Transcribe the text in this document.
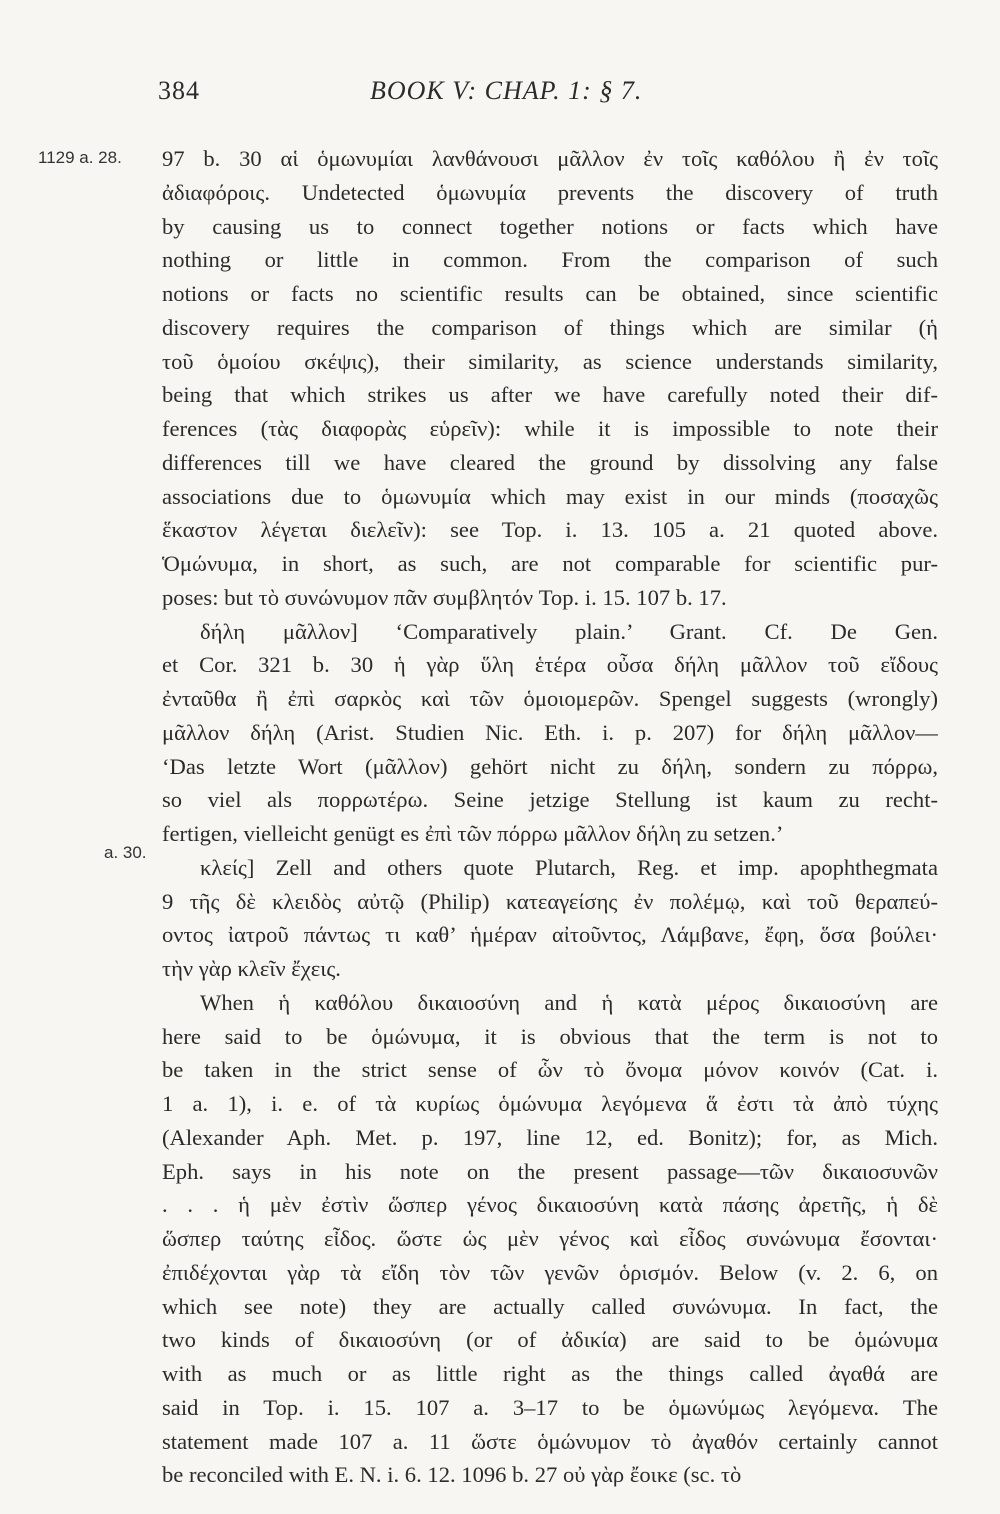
384	BOOK V: CHAP. 1: § 7.
1129 a. 28.
a. 30.
97 b. 30 αἱ ὁμωνυμίαι λανθάνουσι μᾶλλον ἐν τοῖς καθόλου ἢ ἐν τοῖς
ἀδιαφόροις. Undetected ὁμωνυμία prevents the discovery of truth
by causing us to connect together notions or facts which have
nothing or little in common. From the comparison of such
notions or facts no scientific results can be obtained, since scientific
discovery requires the comparison of things which are similar (ἡ
τοῦ ὁμοίου σκέψις), their similarity, as science understands similarity,
being that which strikes us after we have carefully noted their dif-
ferences (τὰς διαφορὰς εὑρεῖν): while it is impossible to note their
differences till we have cleared the ground by dissolving any false
associations due to ὁμωνυμία which may exist in our minds (ποσαχῶς
ἕκαστον λέγεται διελεῖν): see Top. i. 13. 105 a. 21 quoted above.
Ὁμώνυμα, in short, as such, are not comparable for scientific pur-
poses: but τὸ συνώνυμον πᾶν συμβλητόν Top. i. 15. 107 b. 17.
δήλη μᾶλλον] ‘Comparatively plain.’ Grant. Cf. De Gen.
et Cor. 321 b. 30 ἡ γὰρ ὕλη ἑτέρα οὖσα δήλη μᾶλλον τοῦ εἴδους
ἐνταῦθα ἢ ἐπὶ σαρκὸς καὶ τῶν ὁμοιομερῶν. Spengel suggests (wrongly)
μᾶλλον δήλη (Arist. Studien Nic. Eth. i. p. 207) for δήλη μᾶλλον—
‘Das letzte Wort (μᾶλλον) gehört nicht zu δήλη, sondern zu πόρρω,
so viel als πορρωτέρω. Seine jetzige Stellung ist kaum zu recht-
fertigen, vielleicht genügt es ἐπὶ τῶν πόρρω μᾶλλον δήλη zu setzen.’
κλείς] Zell and others quote Plutarch, Reg. et imp. apophthegmata
9 τῆς δὲ κλειδὸς αὐτῷ (Philip) κατεαγείσης ἐν πολέμῳ, καὶ τοῦ θεραπεύ-
οντος ἰατροῦ πάντως τι καθ’ ἡμέραν αἰτοῦντος, Λάμβανε, ἔφη, ὅσα βούλει·
τὴν γὰρ κλεῖν ἔχεις.
When ἡ καθόλου δικαιοσύνη and ἡ κατὰ μέρος δικαιοσύνη are
here said to be ὁμώνυμα, it is obvious that the term is not to
be taken in the strict sense of ὧν τὸ ὄνομα μόνον κοινόν (Cat. i.
1 a. 1), i. e. of τὰ κυρίως ὁμώνυμα λεγόμενα ἅ ἐστι τὰ ἀπὸ τύχης
(Alexander Aph. Met. p. 197, line 12, ed. Bonitz); for, as Mich.
Eph. says in his note on the present passage—τῶν δικαιοσυνῶν
. . . ἡ μὲν ἐστὶν ὥσπερ γένος δικαιοσύνη κατὰ πάσης ἀρετῆς, ἡ δὲ
ὥσπερ ταύτης εἶδος. ὥστε ὡς μὲν γένος καὶ εἶδος συνώνυμα ἔσονται·
ἐπιδέχονται γὰρ τὰ εἴδη τὸν τῶν γενῶν ὁρισμόν. Below (v. 2. 6, on
which see note) they are actually called συνώνυμα. In fact, the
two kinds of δικαιοσύνη (or of ἀδικία) are said to be ὁμώνυμα
with as much or as little right as the things called ἀγαθά are
said in Top. i. 15. 107 a. 3–17 to be ὁμωνύμως λεγόμενα. The
statement made 107 a. 11 ὥστε ὁμώνυμον τὸ ἀγαθόν certainly cannot
be reconciled with E. N. i. 6. 12. 1096 b. 27 οὐ γὰρ ἔοικε (sc. τὸ
